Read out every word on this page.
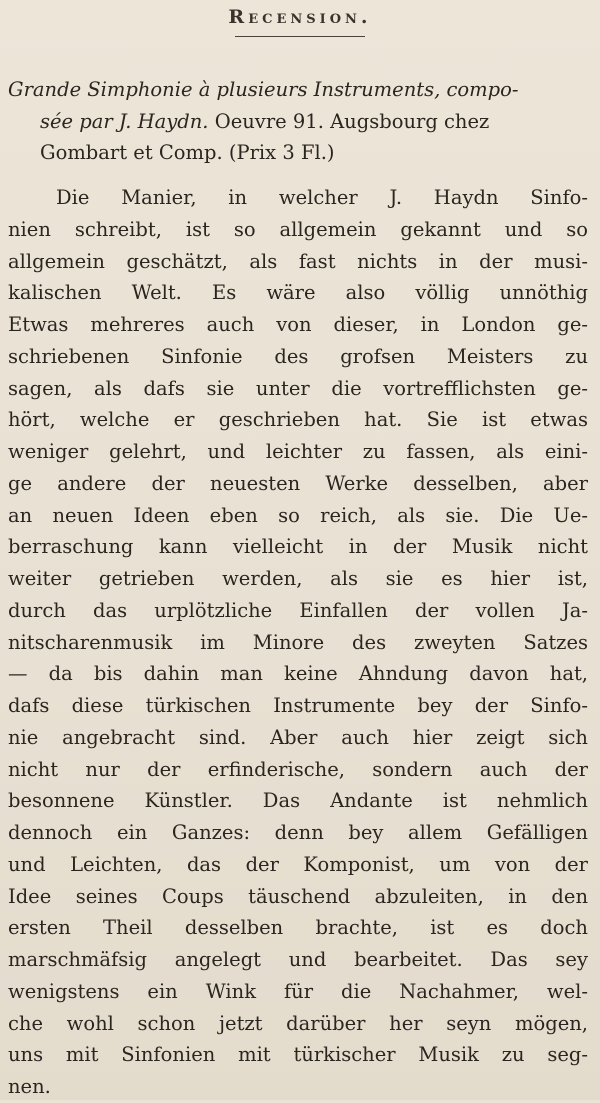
Recension.
Grande Simphonie à plusieurs Instruments, compo-
sée par J. Haydn. Oeuvre 91. Augsbourg chez
Gombart et Comp. (Prix 3 Fl.)
Die Manier, in welcher J. Haydn Sinfo-
nien schreibt, ist so allgemein gekannt und so
allgemein geschätzt, als fast nichts in der musi-
kalischen Welt. Es wäre also völlig unnöthig
Etwas mehreres auch von dieser, in London ge-
schriebenen Sinfonie des grofsen Meisters zu
sagen, als dafs sie unter die vortrefflichsten ge-
hört, welche er geschrieben hat. Sie ist etwas
weniger gelehrt, und leichter zu fassen, als eini-
ge andere der neuesten Werke desselben, aber
an neuen Ideen eben so reich, als sie. Die Ue-
berraschung kann vielleicht in der Musik nicht
weiter getrieben werden, als sie es hier ist,
durch das urplötzliche Einfallen der vollen Ja-
nitscharenmusik im Minore des zweyten Satzes
— da bis dahin man keine Ahndung davon hat,
dafs diese türkischen Instrumente bey der Sinfo-
nie angebracht sind. Aber auch hier zeigt sich
nicht nur der erfinderische, sondern auch der
besonnene Künstler. Das Andante ist nehmlich
dennoch ein Ganzes: denn bey allem Gefälligen
und Leichten, das der Komponist, um von der
Idee seines Coups täuschend abzuleiten, in den
ersten Theil desselben brachte, ist es doch
marschmäfsig angelegt und bearbeitet. Das sey
wenigstens ein Wink für die Nachahmer, wel-
che wohl schon jetzt darüber her seyn mögen,
uns mit Sinfonien mit türkischer Musik zu seg-
nen.
